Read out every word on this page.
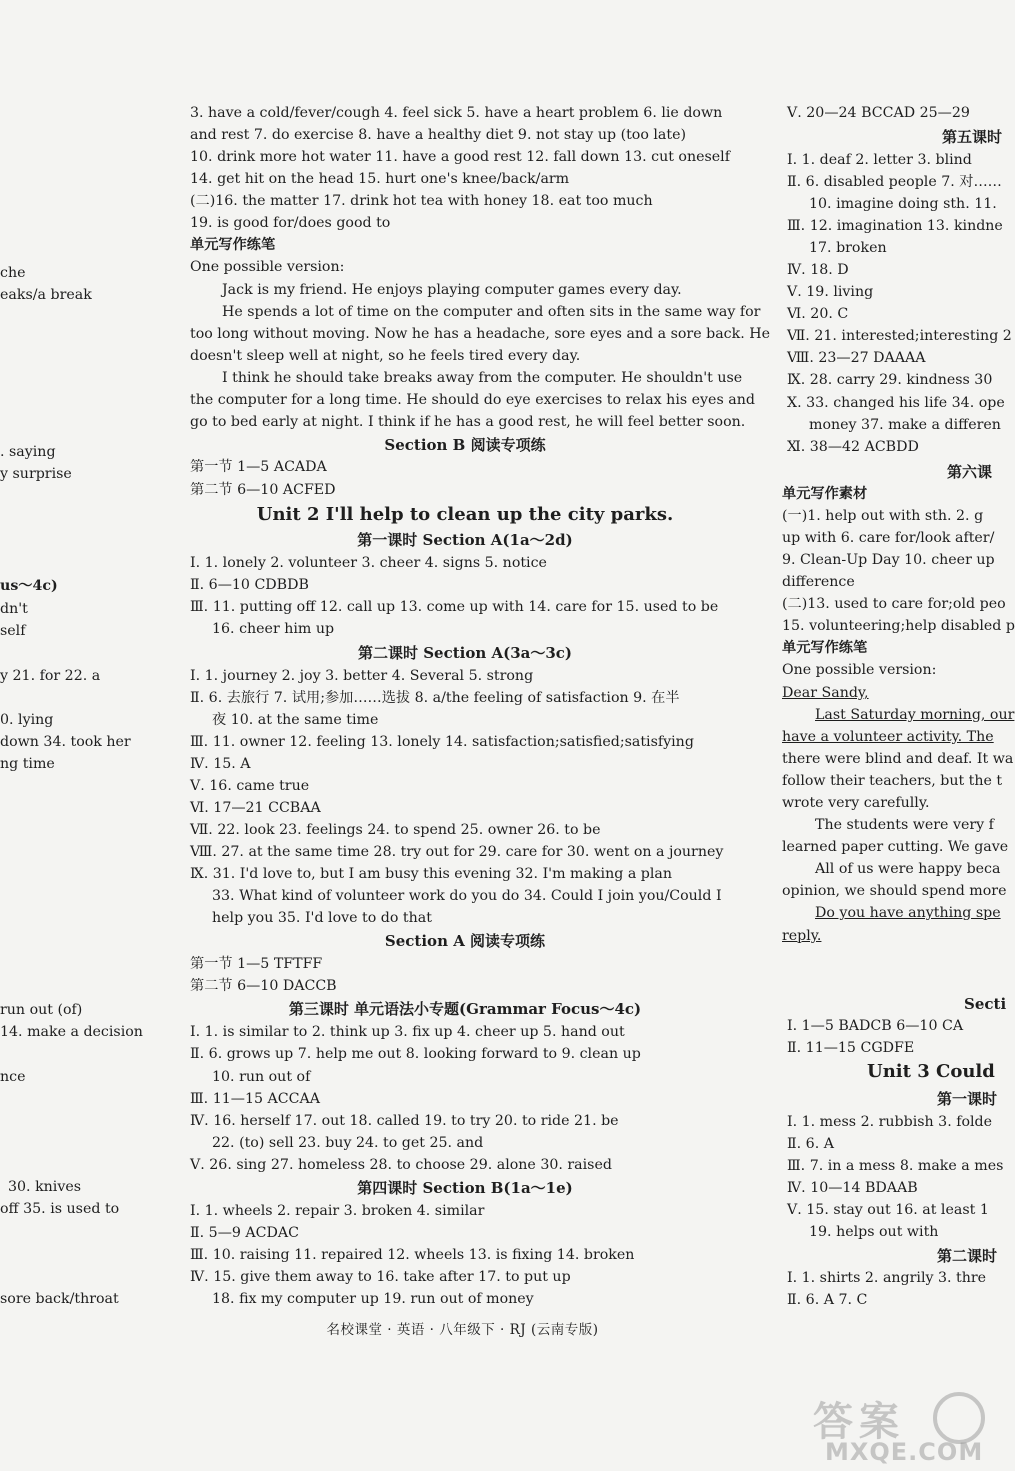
che
eaks/a break
. saying
y surprise
us～4c)
dn't
self
y 21. for 22. a
0. lying
down 34. took her
ng time
run out (of)
14. make a decision
nce
30. knives
off 35. is used to
sore back/throat
3. have a cold/fever/cough 4. feel sick 5. have a heart problem 6. lie down
and rest 7. do exercise 8. have a healthy diet 9. not stay up (too late)
10. drink more hot water 11. have a good rest 12. fall down 13. cut oneself
14. get hit on the head 15. hurt one's knee/back/arm
(二)16. the matter 17. drink hot tea with honey 18. eat too much
19. is good for/does good to
单元写作练笔
One possible version:
Jack is my friend. He enjoys playing computer games every day.
He spends a lot of time on the computer and often sits in the same way for
too long without moving. Now he has a headache, sore eyes and a sore back. He
doesn't sleep well at night, so he feels tired every day.
I think he should take breaks away from the computer. He shouldn't use
the computer for a long time. He should do eye exercises to relax his eyes and
go to bed early at night. I think if he has a good rest, he will feel better soon.
Section B 阅读专项练
第一节 1—5 ACADA
第二节 6—10 ACFED
Unit 2 I'll help to clean up the city parks.
第一课时 Section A(1a～2d)
Ⅰ. 1. lonely 2. volunteer 3. cheer 4. signs 5. notice
Ⅱ. 6—10 CDBDB
Ⅲ. 11. putting off 12. call up 13. come up with 14. care for 15. used to be
16. cheer him up
第二课时 Section A(3a～3c)
Ⅰ. 1. journey 2. joy 3. better 4. Several 5. strong
Ⅱ. 6. 去旅行 7. 试用;参加……选拔 8. a/the feeling of satisfaction 9. 在半
夜 10. at the same time
Ⅲ. 11. owner 12. feeling 13. lonely 14. satisfaction;satisfied;satisfying
Ⅳ. 15. A
Ⅴ. 16. came true
Ⅵ. 17—21 CCBAA
Ⅶ. 22. look 23. feelings 24. to spend 25. owner 26. to be
Ⅷ. 27. at the same time 28. try out for 29. care for 30. went on a journey
Ⅸ. 31. I'd love to, but I am busy this evening 32. I'm making a plan
33. What kind of volunteer work do you do 34. Could I join you/Could I
help you 35. I'd love to do that
Section A 阅读专项练
第一节 1—5 TFTFF
第二节 6—10 DACCB
第三课时 单元语法小专题(Grammar Focus～4c)
Ⅰ. 1. is similar to 2. think up 3. fix up 4. cheer up 5. hand out
Ⅱ. 6. grows up 7. help me out 8. looking forward to 9. clean up
10. run out of
Ⅲ. 11—15 ACCAA
Ⅳ. 16. herself 17. out 18. called 19. to try 20. to ride 21. be
22. (to) sell 23. buy 24. to get 25. and
Ⅴ. 26. sing 27. homeless 28. to choose 29. alone 30. raised
第四课时 Section B(1a～1e)
Ⅰ. 1. wheels 2. repair 3. broken 4. similar
Ⅱ. 5—9 ACDAC
Ⅲ. 10. raising 11. repaired 12. wheels 13. is fixing 14. broken
Ⅳ. 15. give them away to 16. take after 17. to put up
18. fix my computer up 19. run out of money
Ⅴ. 20—24 BCCAD 25—29
第五课时
Ⅰ. 1. deaf 2. letter 3. blind
Ⅱ. 6. disabled people 7. 对……
10. imagine doing sth. 11.
Ⅲ. 12. imagination 13. kindne
17. broken
Ⅳ. 18. D
Ⅴ. 19. living
Ⅵ. 20. C
Ⅶ. 21. interested;interesting 2
Ⅷ. 23—27 DAAAA
Ⅸ. 28. carry 29. kindness 30
Ⅹ. 33. changed his life 34. ope
money 37. make a differen
Ⅺ. 38—42 ACBDD
第六课
单元写作素材
(一)1. help out with sth. 2. g
up with 6. care for/look after/
9. Clean-Up Day 10. cheer up
difference
(二)13. used to care for;old peo
15. volunteering;help disabled p
单元写作练笔
One possible version:
Dear Sandy,
Last Saturday morning, our
have a volunteer activity. The
there were blind and deaf. It wa
follow their teachers, but the t
wrote very carefully.
The students were very f
learned paper cutting. We gave
All of us were happy beca
opinion, we should spend more
Do you have anything spe
reply.
Secti
Ⅰ. 1—5 BADCB 6—10 CA
Ⅱ. 11—15 CGDFE
Unit 3 Could
第一课时
Ⅰ. 1. mess 2. rubbish 3. folde
Ⅱ. 6. A
Ⅲ. 7. in a mess 8. make a mes
Ⅳ. 10—14 BDAAB
Ⅴ. 15. stay out 16. at least 1
19. helps out with
第二课时
Ⅰ. 1. shirts 2. angrily 3. thre
Ⅱ. 6. A 7. C
名校课堂 · 英语 · 八年级下 · RJ (云南专版)
答案
MXQE.COM
